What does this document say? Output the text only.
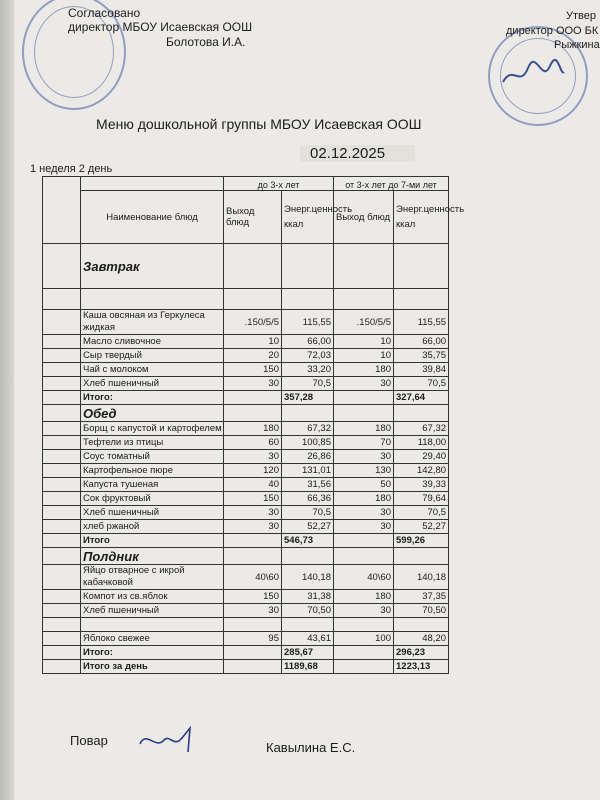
Согласовано
директор МБОУ Исаевская ООШ
Болотова И.А.
Утвер
директор ООО БК
Рыжкина
Меню дошкольной группы МБОУ Исаевская ООШ
02.12.2025
1 неделя 2 день
		до 3-х лет		от 3-х лет до 7-ми лет	
	Наименование блюд	Выход блюд	Энерг.ценность ккал	Выход блюд	Энерг.ценность ккал
	Завтрак				

	Каша овсяная из Геркулеса жидкая	.150/5/5	115,55	.150/5/5	115,55
	Масло сливочное	10	66,00	10	66,00
	Сыр твердый	20	72,03	10	35,75
	Чай с молоком	150	33,20	180	39,84
	Хлеб пшеничный	30	70,5	30	70,5
	Итого:		357,28		327,64
	Обед				
	Борщ с капустой и картофелем	180	67,32	180	67,32
	Тефтели из птицы	60	100,85	70	118,00
	Соус томатный	30	26,86	30	29,40
	Картофельное пюре	120	131,01	130	142,80
	Капуста тушеная	40	31,56	50	39,33
	Сок фруктовый	150	66,36	180	79,64
	Хлеб пшеничный	30	70,5	30	70,5
	хлеб ржаной	30	52,27	30	52,27
	Итого		546,73		599,26
	Полдник				
	Яйцо отварное с икрой кабачковой	40\60	140,18	40\60	140,18
	Компот из св.яблок	150	31,38	180	37,35
	Хлеб пшеничный	30	70,50	30	70,50

	Яблоко свежее	95	43,61	100	48,20
	Итого:		285,67		296,23
	Итого за день		1189,68		1223,13
Повар	Кавылина Е.С.
